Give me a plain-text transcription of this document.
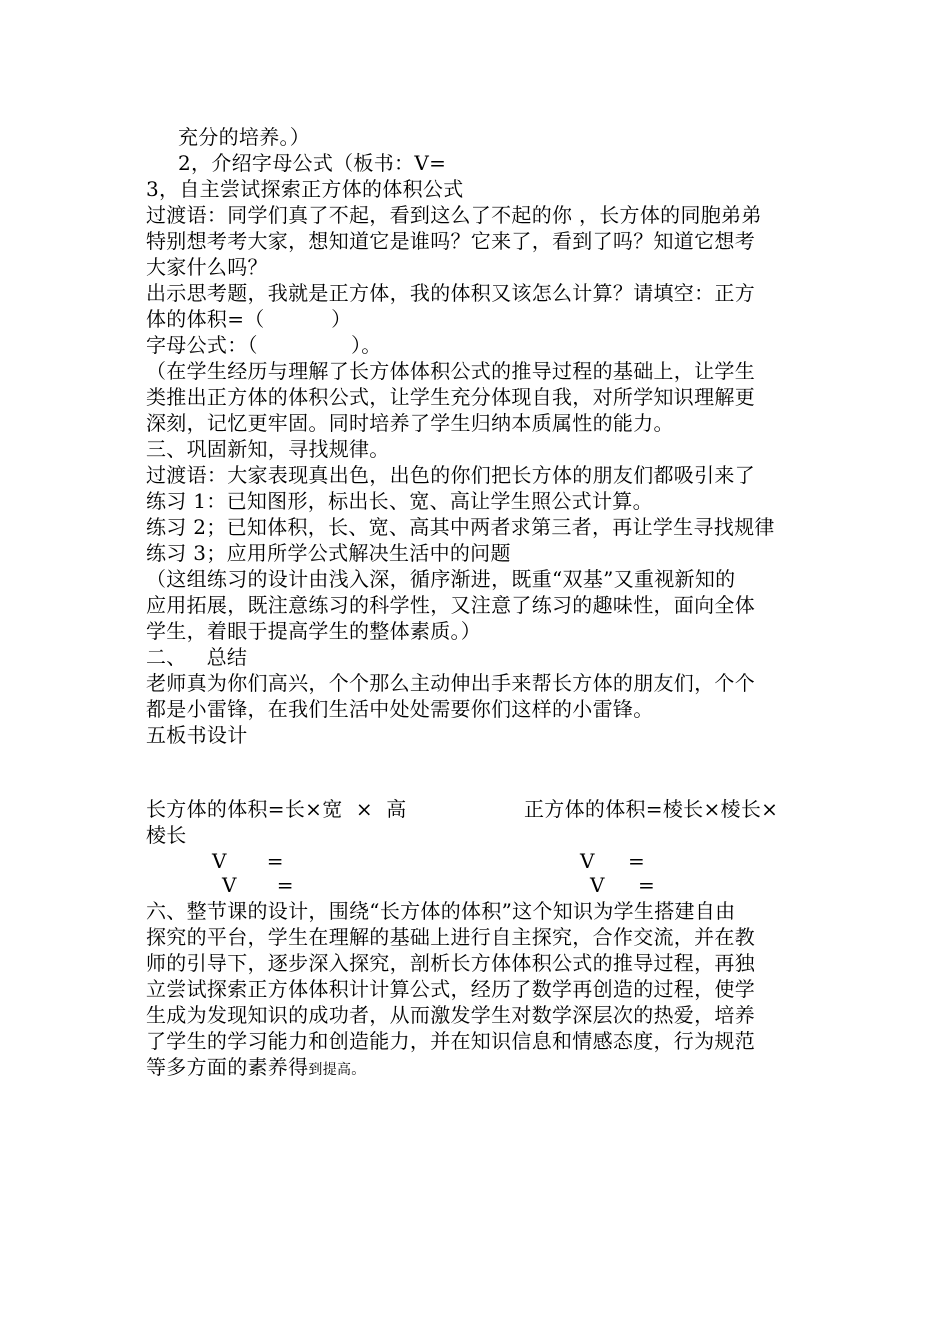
充分的培养。）
2，介绍字母公式（板书：V=
3，自主尝试探索正方体的体积公式
过渡语：同学们真了不起，看到这么了不起的你 ，长方体的同胞弟弟
特别想考考大家，想知道它是谁吗？它来了，看到了吗？知道它想考
大家什么吗？
出示思考题，我就是正方体，我的体积又该怎么计算？请填空：正方
体的体积=（          ）
字母公式：（              ）。
（在学生经历与理解了长方体体积公式的推导过程的基础上，让学生
类推出正方体的体积公式，让学生充分体现自我，对所学知识理解更
深刻，记忆更牢固。同时培养了学生归纳本质属性的能力。
三、巩固新知，寻找规律。
过渡语：大家表现真出色，出色的你们把长方体的朋友们都吸引来了
练习 1：已知图形，标出长、宽、高让学生照公式计算。
练习 2；已知体积，长、宽、高其中两者求第三者，再让学生寻找规律
练习 3；应用所学公式解决生活中的问题
（这组练习的设计由浅入深，循序渐进，既重“双基”又重视新知的
应用拓展，既注意练习的科学性，又注意了练习的趣味性，面向全体
学生，着眼于提高学生的整体素质。）
二、   总结
老师真为你们高兴，个个那么主动伸出手来帮长方体的朋友们，个个
都是小雷锋，在我们生活中处处需要你们这样的小雷锋。
五板书设计
长方体的体积=长×宽  ×  高	正方体的体积=棱长×棱长×
棱长
V      =	V     =
V      =	V     =
六、整节课的设计，围绕“长方体的体积”这个知识为学生搭建自由
探究的平台，学生在理解的基础上进行自主探究，合作交流，并在教
师的引导下，逐步深入探究，剖析长方体体积公式的推导过程，再独
立尝试探索正方体体积计计算公式，经历了数学再创造的过程，使学
生成为发现知识的成功者，从而激发学生对数学深层次的热爱，培养
了学生的学习能力和创造能力，并在知识信息和情感态度，行为规范
等多方面的素养得到提高。
